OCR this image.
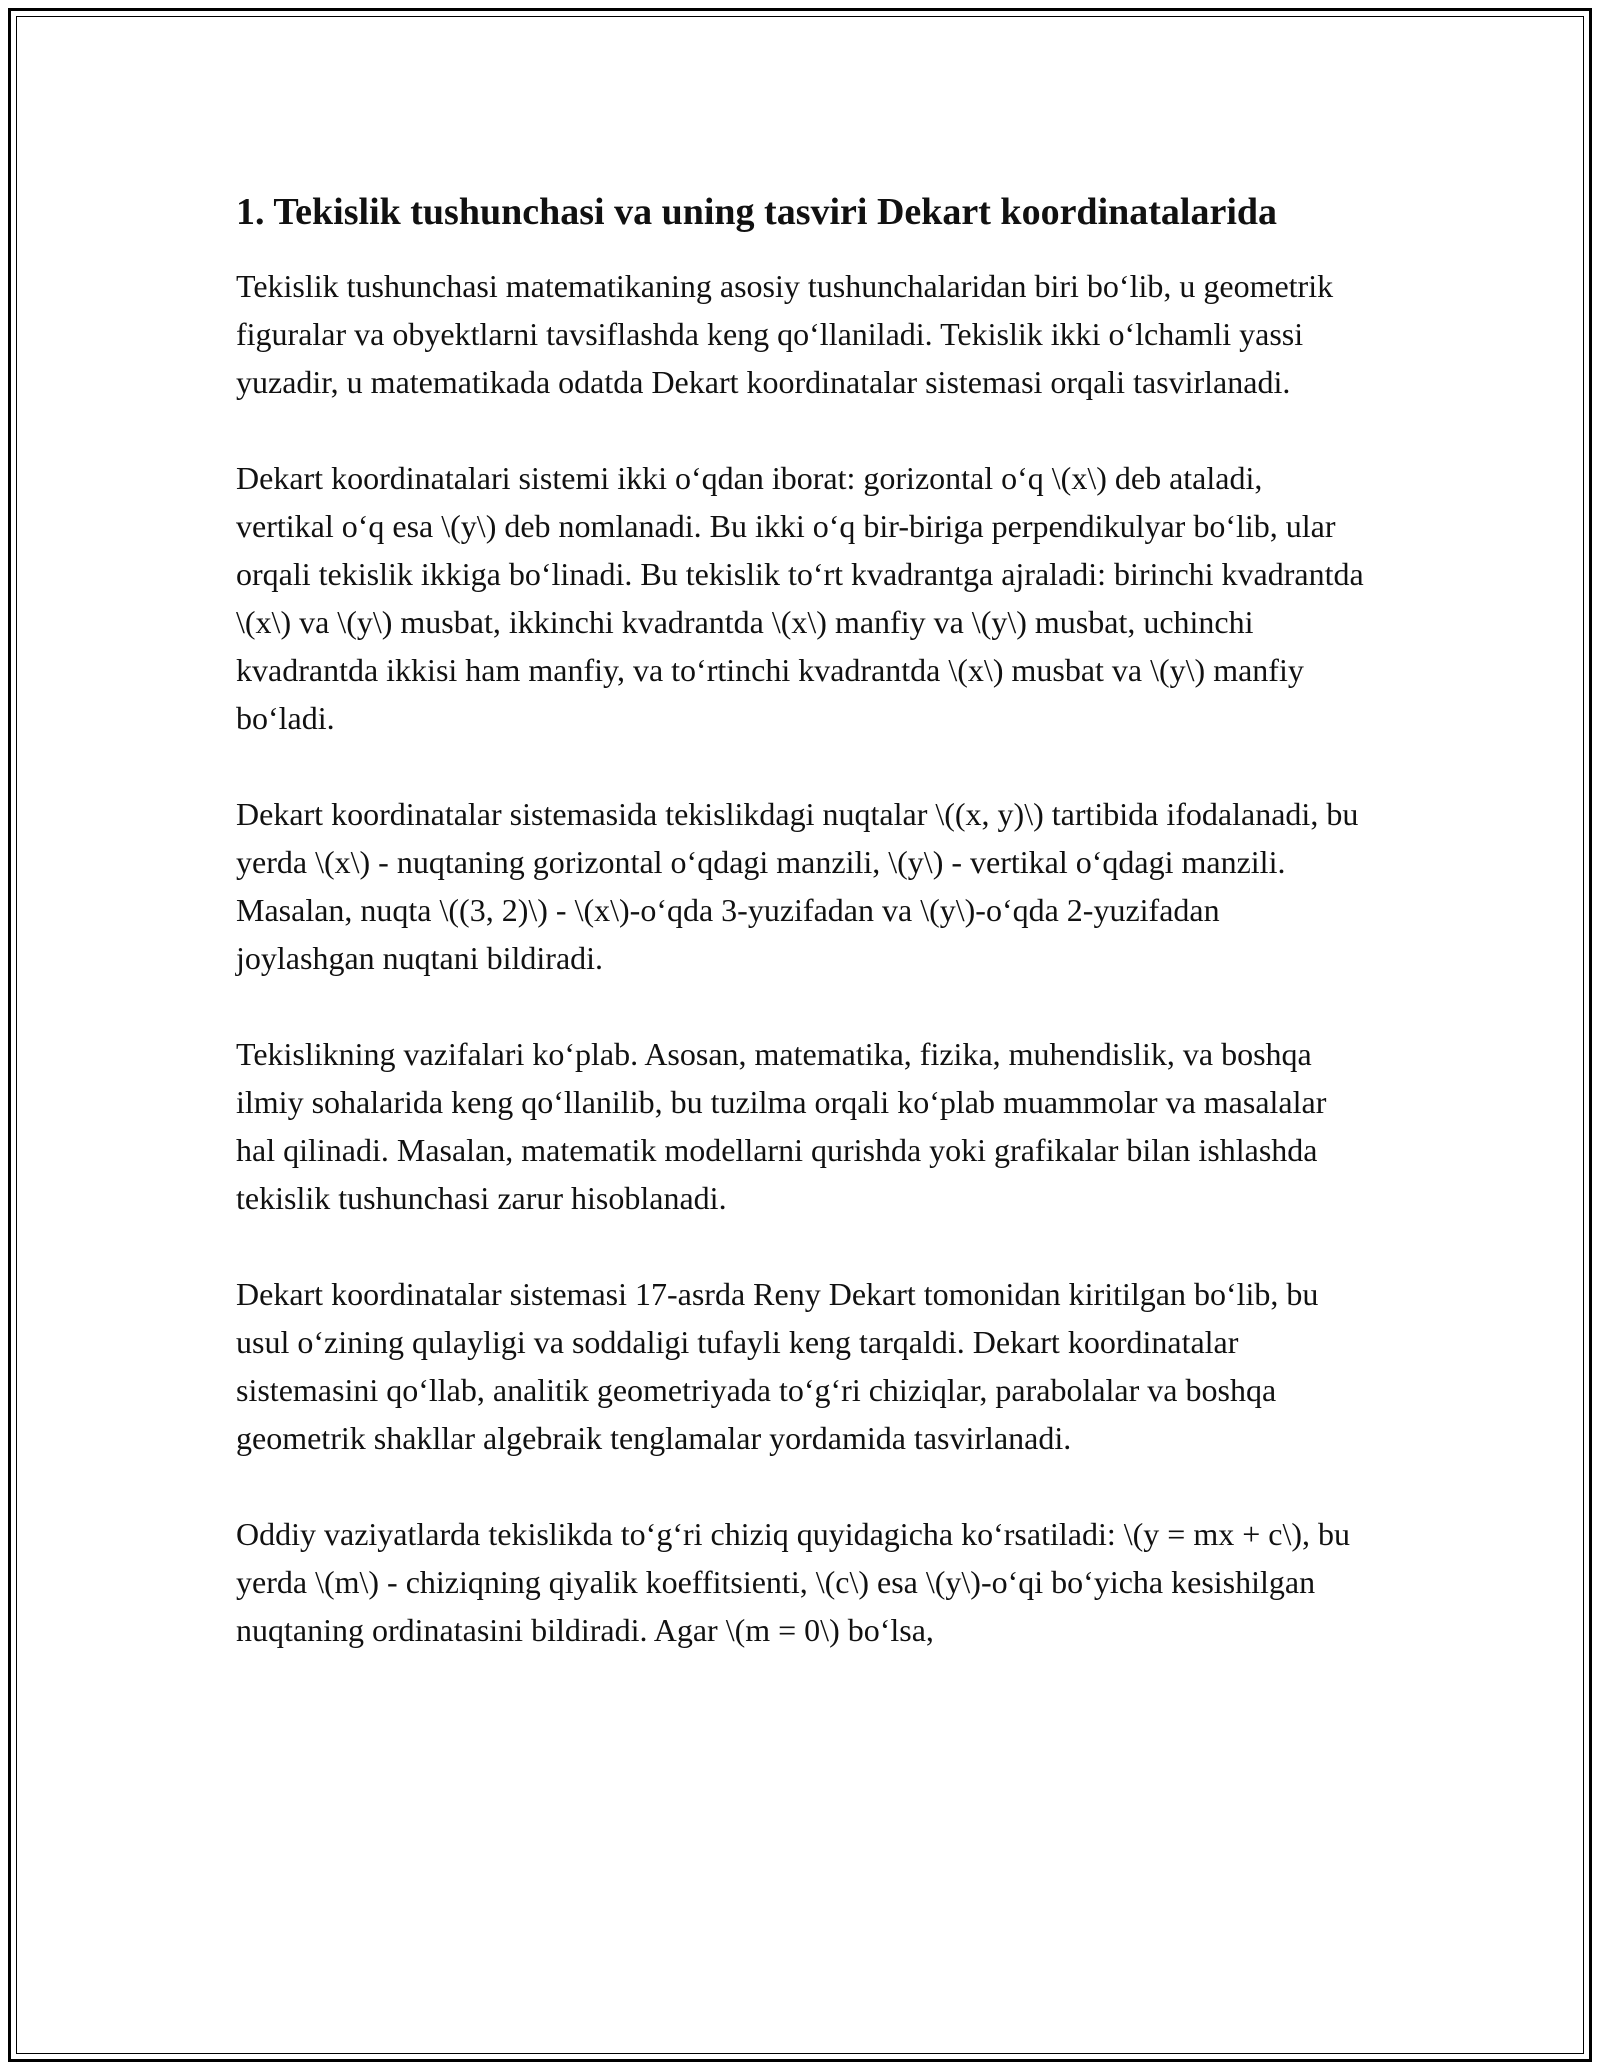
1. Tekislik tushunchasi va uning tasviri Dekart koordinatalarida

Tekislik tushunchasi matematikaning asosiy tushunchalaridan biri bo‘lib, u geometrik figuralar va obyektlarni tavsiflashda keng qo‘llaniladi. Tekislik ikki o‘lchamli yassi yuzadir, u matematikada odatda Dekart koordinatalar sistemasi orqali tasvirlanadi.

Dekart koordinatalari sistemi ikki o‘qdan iborat: gorizontal o‘q \(x\) deb ataladi, vertikal o‘q esa \(y\) deb nomlanadi. Bu ikki o‘q bir-biriga perpendikulyar bo‘lib, ular orqali tekislik ikkiga bo‘linadi. Bu tekislik to‘rt kvadrantga ajraladi: birinchi kvadrantda \(x\) va \(y\) musbat, ikkinchi kvadrantda \(x\) manfiy va \(y\) musbat, uchinchi kvadrantda ikkisi ham manfiy, va to‘rtinchi kvadrantda \(x\) musbat va \(y\) manfiy bo‘ladi.

Dekart koordinatalar sistemasida tekislikdagi nuqtalar \((x, y)\) tartibida ifodalanadi, bu yerda \(x\) - nuqtaning gorizontal o‘qdagi manzili, \(y\) - vertikal o‘qdagi manzili. Masalan, nuqta \((3, 2)\) - \(x\)-o‘qda 3-yuzifadan va \(y\)-o‘qda 2-yuzifadan joylashgan nuqtani bildiradi.

Tekislikning vazifalari ko‘plab. Asosan, matematika, fizika, muhendislik, va boshqa ilmiy sohalarida keng qo‘llanilib, bu tuzilma orqali ko‘plab muammolar va masalalar hal qilinadi. Masalan, matematik modellarni qurishda yoki grafikalar bilan ishlashda tekislik tushunchasi zarur hisoblanadi.

Dekart koordinatalar sistemasi 17-asrda Reny Dekart tomonidan kiritilgan bo‘lib, bu usul o‘zining qulayligi va soddaligi tufayli keng tarqaldi. Dekart koordinatalar sistemasini qo‘llab, analitik geometriyada to‘g‘ri chiziqlar, parabolalar va boshqa geometrik shakllar algebraik tenglamalar yordamida tasvirlanadi.

Oddiy vaziyatlarda tekislikda to‘g‘ri chiziq quyidagicha ko‘rsatiladi: \(y = mx + c\), bu yerda \(m\) - chiziqning qiyalik koeffitsienti, \(c\) esa \(y\)-o‘qi bo‘yicha kesishilgan nuqtaning ordinatasini bildiradi. Agar \(m = 0\) bo‘lsa,
